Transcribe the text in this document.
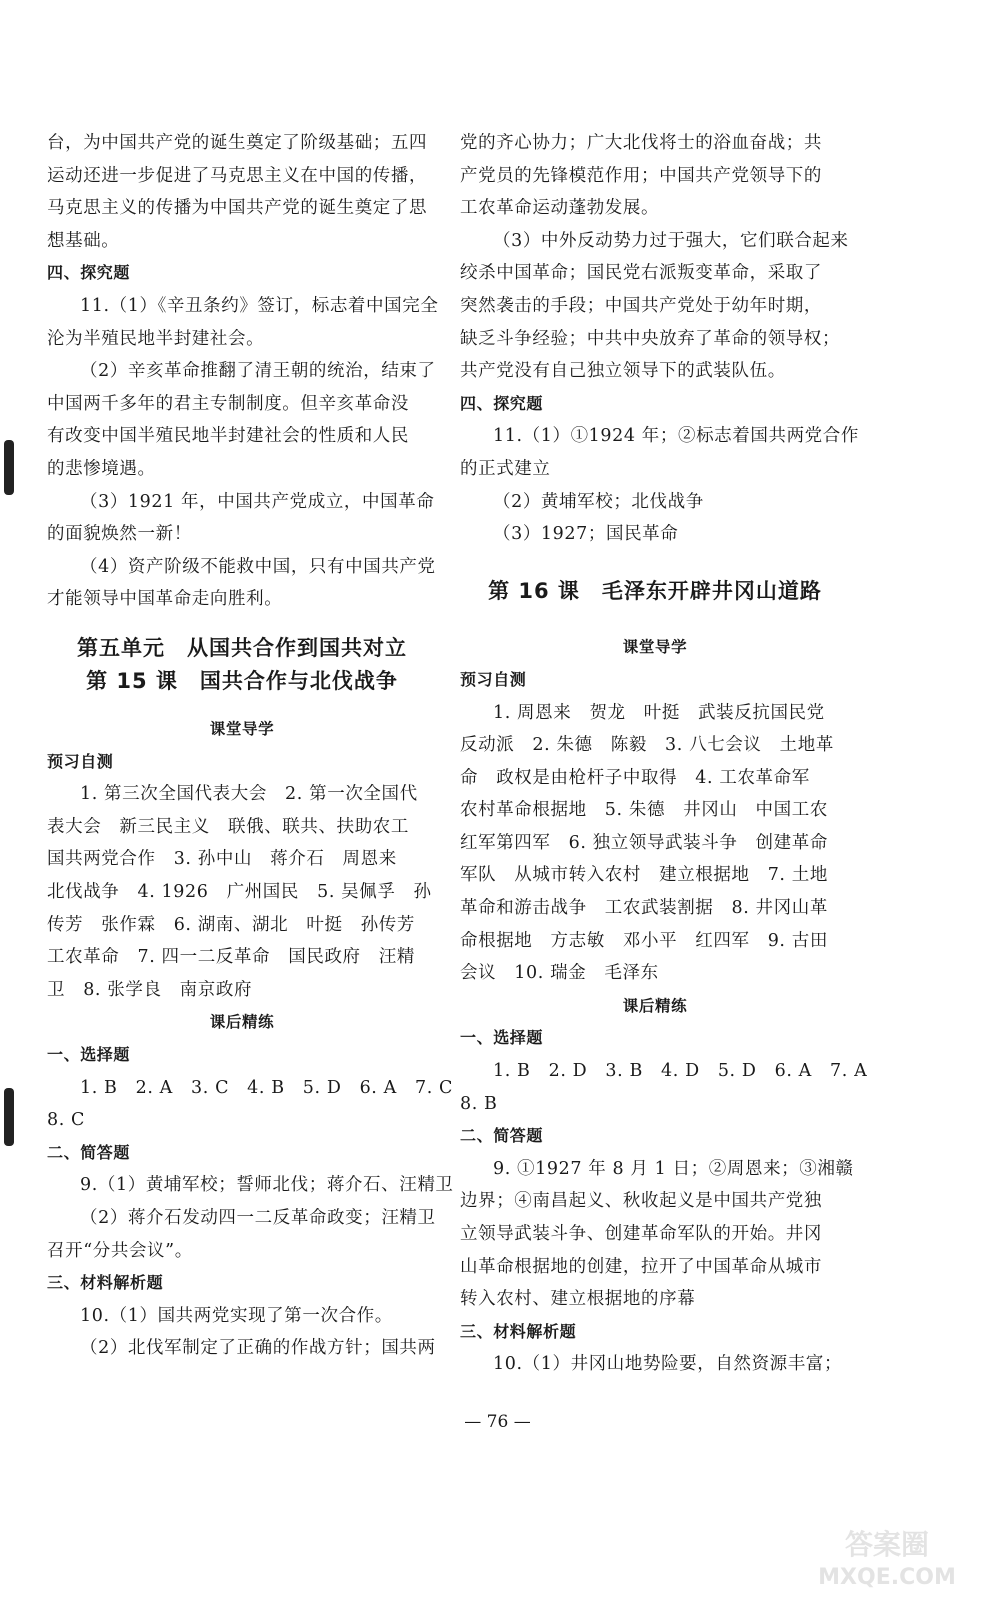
台，为中国共产党的诞生奠定了阶级基础；五四
运动还进一步促进了马克思主义在中国的传播，
马克思主义的传播为中国共产党的诞生奠定了思
想基础。
四、探究题
11.（1）《辛丑条约》签订，标志着中国完全
沦为半殖民地半封建社会。
（2）辛亥革命推翻了清王朝的统治，结束了
中国两千多年的君主专制制度。但辛亥革命没
有改变中国半殖民地半封建社会的性质和人民
的悲惨境遇。
（3）1921 年，中国共产党成立，中国革命
的面貌焕然一新！
（4）资产阶级不能救中国，只有中国共产党
才能领导中国革命走向胜利。
第五单元　从国共合作到国共对立
第 15 课　国共合作与北伐战争
课堂导学
预习自测
1. 第三次全国代表大会　2. 第一次全国代
表大会　新三民主义　联俄、联共、扶助农工
国共两党合作　3. 孙中山　蒋介石　周恩来
北伐战争　4. 1926　广州国民　5. 吴佩孚　孙
传芳　张作霖　6. 湖南、湖北　叶挺　孙传芳
工农革命　7. 四一二反革命　国民政府　汪精
卫　8. 张学良　南京政府
课后精练
一、选择题
1. B　2. A　3. C　4. B　5. D　6. A　7. C
8. C
二、简答题
9.（1）黄埔军校；誓师北伐；蒋介石、汪精卫
（2）蒋介石发动四一二反革命政变；汪精卫
召开“分共会议”。
三、材料解析题
10.（1）国共两党实现了第一次合作。
（2）北伐军制定了正确的作战方针；国共两
党的齐心协力；广大北伐将士的浴血奋战；共
产党员的先锋模范作用；中国共产党领导下的
工农革命运动蓬勃发展。
（3）中外反动势力过于强大，它们联合起来
绞杀中国革命；国民党右派叛变革命，采取了
突然袭击的手段；中国共产党处于幼年时期，
缺乏斗争经验；中共中央放弃了革命的领导权；
共产党没有自己独立领导下的武装队伍。
四、探究题
11.（1）①1924 年；②标志着国共两党合作
的正式建立
（2）黄埔军校；北伐战争
（3）1927；国民革命
第 16 课　毛泽东开辟井冈山道路
课堂导学
预习自测
1. 周恩来　贺龙　叶挺　武装反抗国民党
反动派　2. 朱德　陈毅　3. 八七会议　土地革
命　政权是由枪杆子中取得　4. 工农革命军
农村革命根据地　5. 朱德　井冈山　中国工农
红军第四军　6. 独立领导武装斗争　创建革命
军队　从城市转入农村　建立根据地　7. 土地
革命和游击战争　工农武装割据　8. 井冈山革
命根据地　方志敏　邓小平　红四军　9. 古田
会议　10. 瑞金　毛泽东
课后精练
一、选择题
1. B　2. D　3. B　4. D　5. D　6. A　7. A
8. B
二、简答题
9. ①1927 年 8 月 1 日；②周恩来；③湘赣
边界；④南昌起义、秋收起义是中国共产党独
立领导武装斗争、创建革命军队的开始。井冈
山革命根据地的创建，拉开了中国革命从城市
转入农村、建立根据地的序幕
三、材料解析题
10.（1）井冈山地势险要，自然资源丰富；
— 76 —
答案圈
MXQE.COM
